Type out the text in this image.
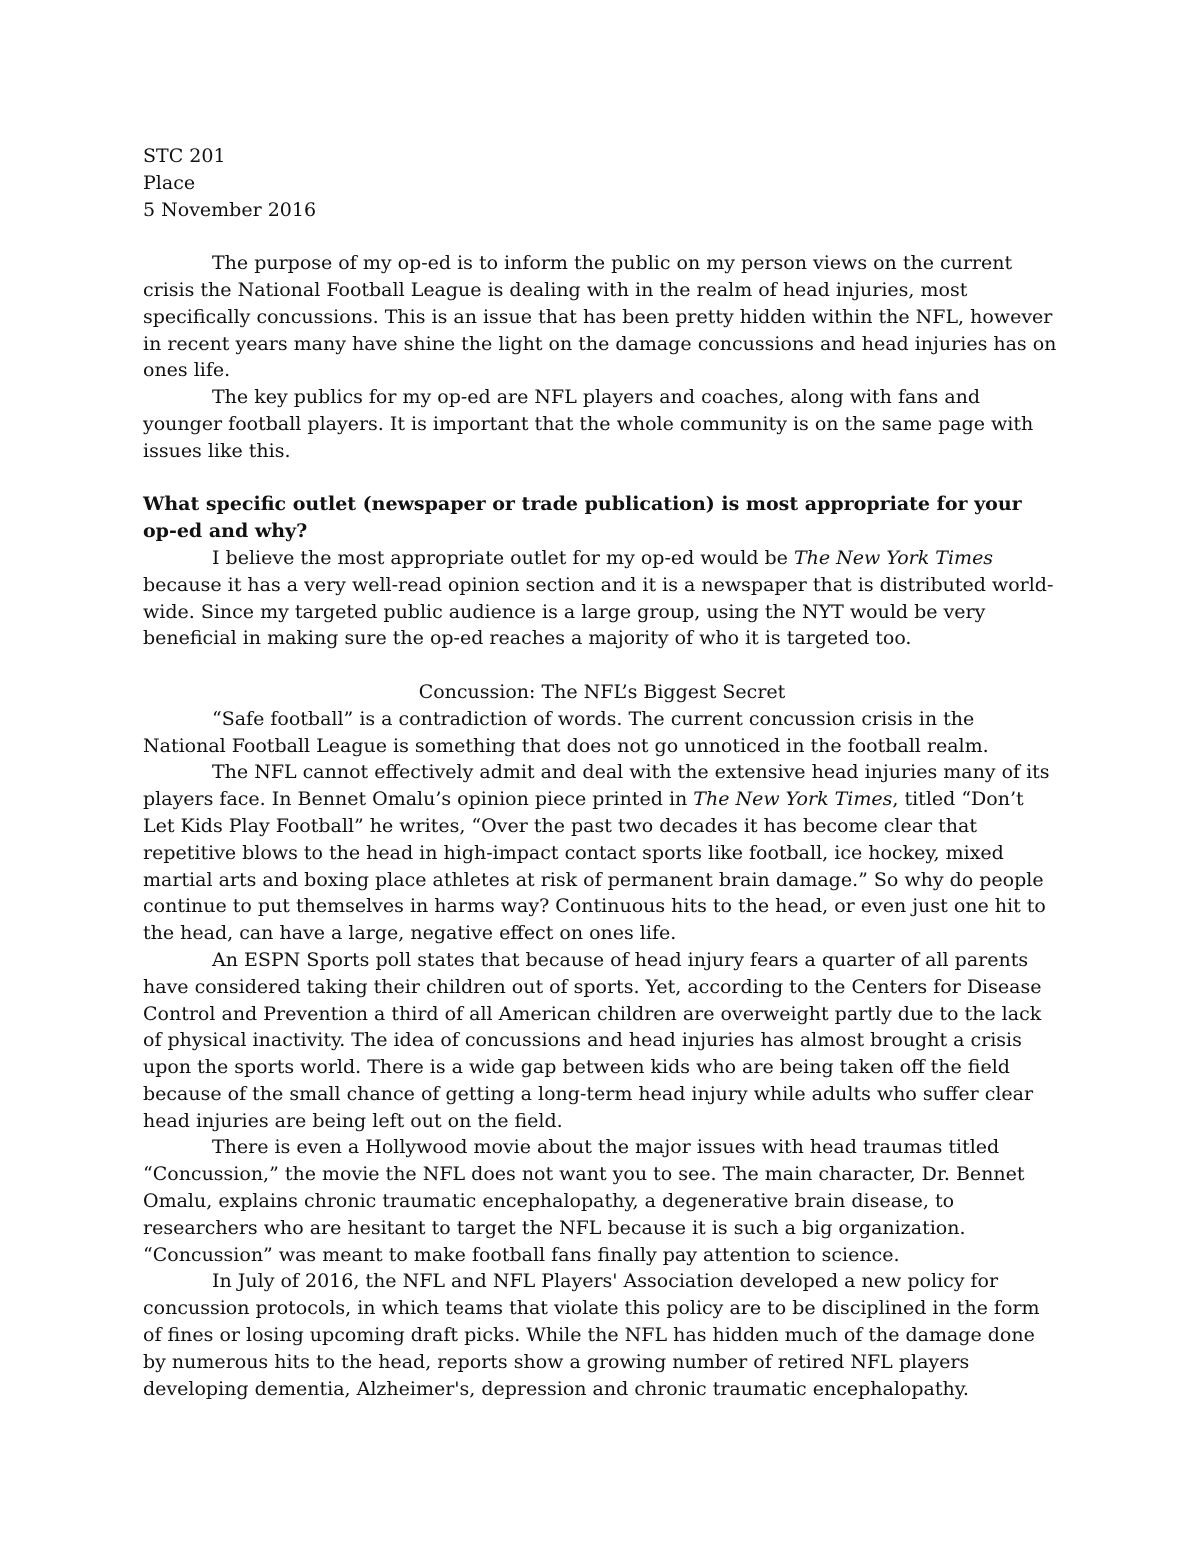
STC 201

Place

5 November 2016

The purpose of my op-ed is to inform the public on my person views on the current crisis the National Football League is dealing with in the realm of head injuries, most specifically concussions. This is an issue that has been pretty hidden within the NFL, however in recent years many have shine the light on the damage concussions and head injuries has on ones life.

The key publics for my op-ed are NFL players and coaches, along with fans and younger football players. It is important that the whole community is on the same page with issues like this.

What specific outlet (newspaper or trade publication) is most appropriate for your op-ed and why?

I believe the most appropriate outlet for my op-ed would be The New York Times because it has a very well-read opinion section and it is a newspaper that is distributed world-wide. Since my targeted public audience is a large group, using the NYT would be very beneficial in making sure the op-ed reaches a majority of who it is targeted too.

Concussion: The NFL’s Biggest Secret

“Safe football” is a contradiction of words. The current concussion crisis in the National Football League is something that does not go unnoticed in the football realm.

The NFL cannot effectively admit and deal with the extensive head injuries many of its players face. In Bennet Omalu’s opinion piece printed in The New York Times, titled “Don’t Let Kids Play Football” he writes, “Over the past two decades it has become clear that repetitive blows to the head in high-impact contact sports like football, ice hockey, mixed martial arts and boxing place athletes at risk of permanent brain damage.” So why do people continue to put themselves in harms way? Continuous hits to the head, or even just one hit to the head, can have a large, negative effect on ones life.

An ESPN Sports poll states that because of head injury fears a quarter of all parents have considered taking their children out of sports. Yet, according to the Centers for Disease Control and Prevention a third of all American children are overweight partly due to the lack of physical inactivity. The idea of concussions and head injuries has almost brought a crisis upon the sports world. There is a wide gap between kids who are being taken off the field because of the small chance of getting a long-term head injury while adults who suffer clear head injuries are being left out on the field.

There is even a Hollywood movie about the major issues with head traumas titled “Concussion,” the movie the NFL does not want you to see. The main character, Dr. Bennet Omalu, explains chronic traumatic encephalopathy, a degenerative brain disease, to researchers who are hesitant to target the NFL because it is such a big organization. “Concussion” was meant to make football fans finally pay attention to science.

In July of 2016, the NFL and NFL Players' Association developed a new policy for concussion protocols, in which teams that violate this policy are to be disciplined in the form of fines or losing upcoming draft picks. While the NFL has hidden much of the damage done by numerous hits to the head, reports show a growing number of retired NFL players developing dementia, Alzheimer's, depression and chronic traumatic encephalopathy.
